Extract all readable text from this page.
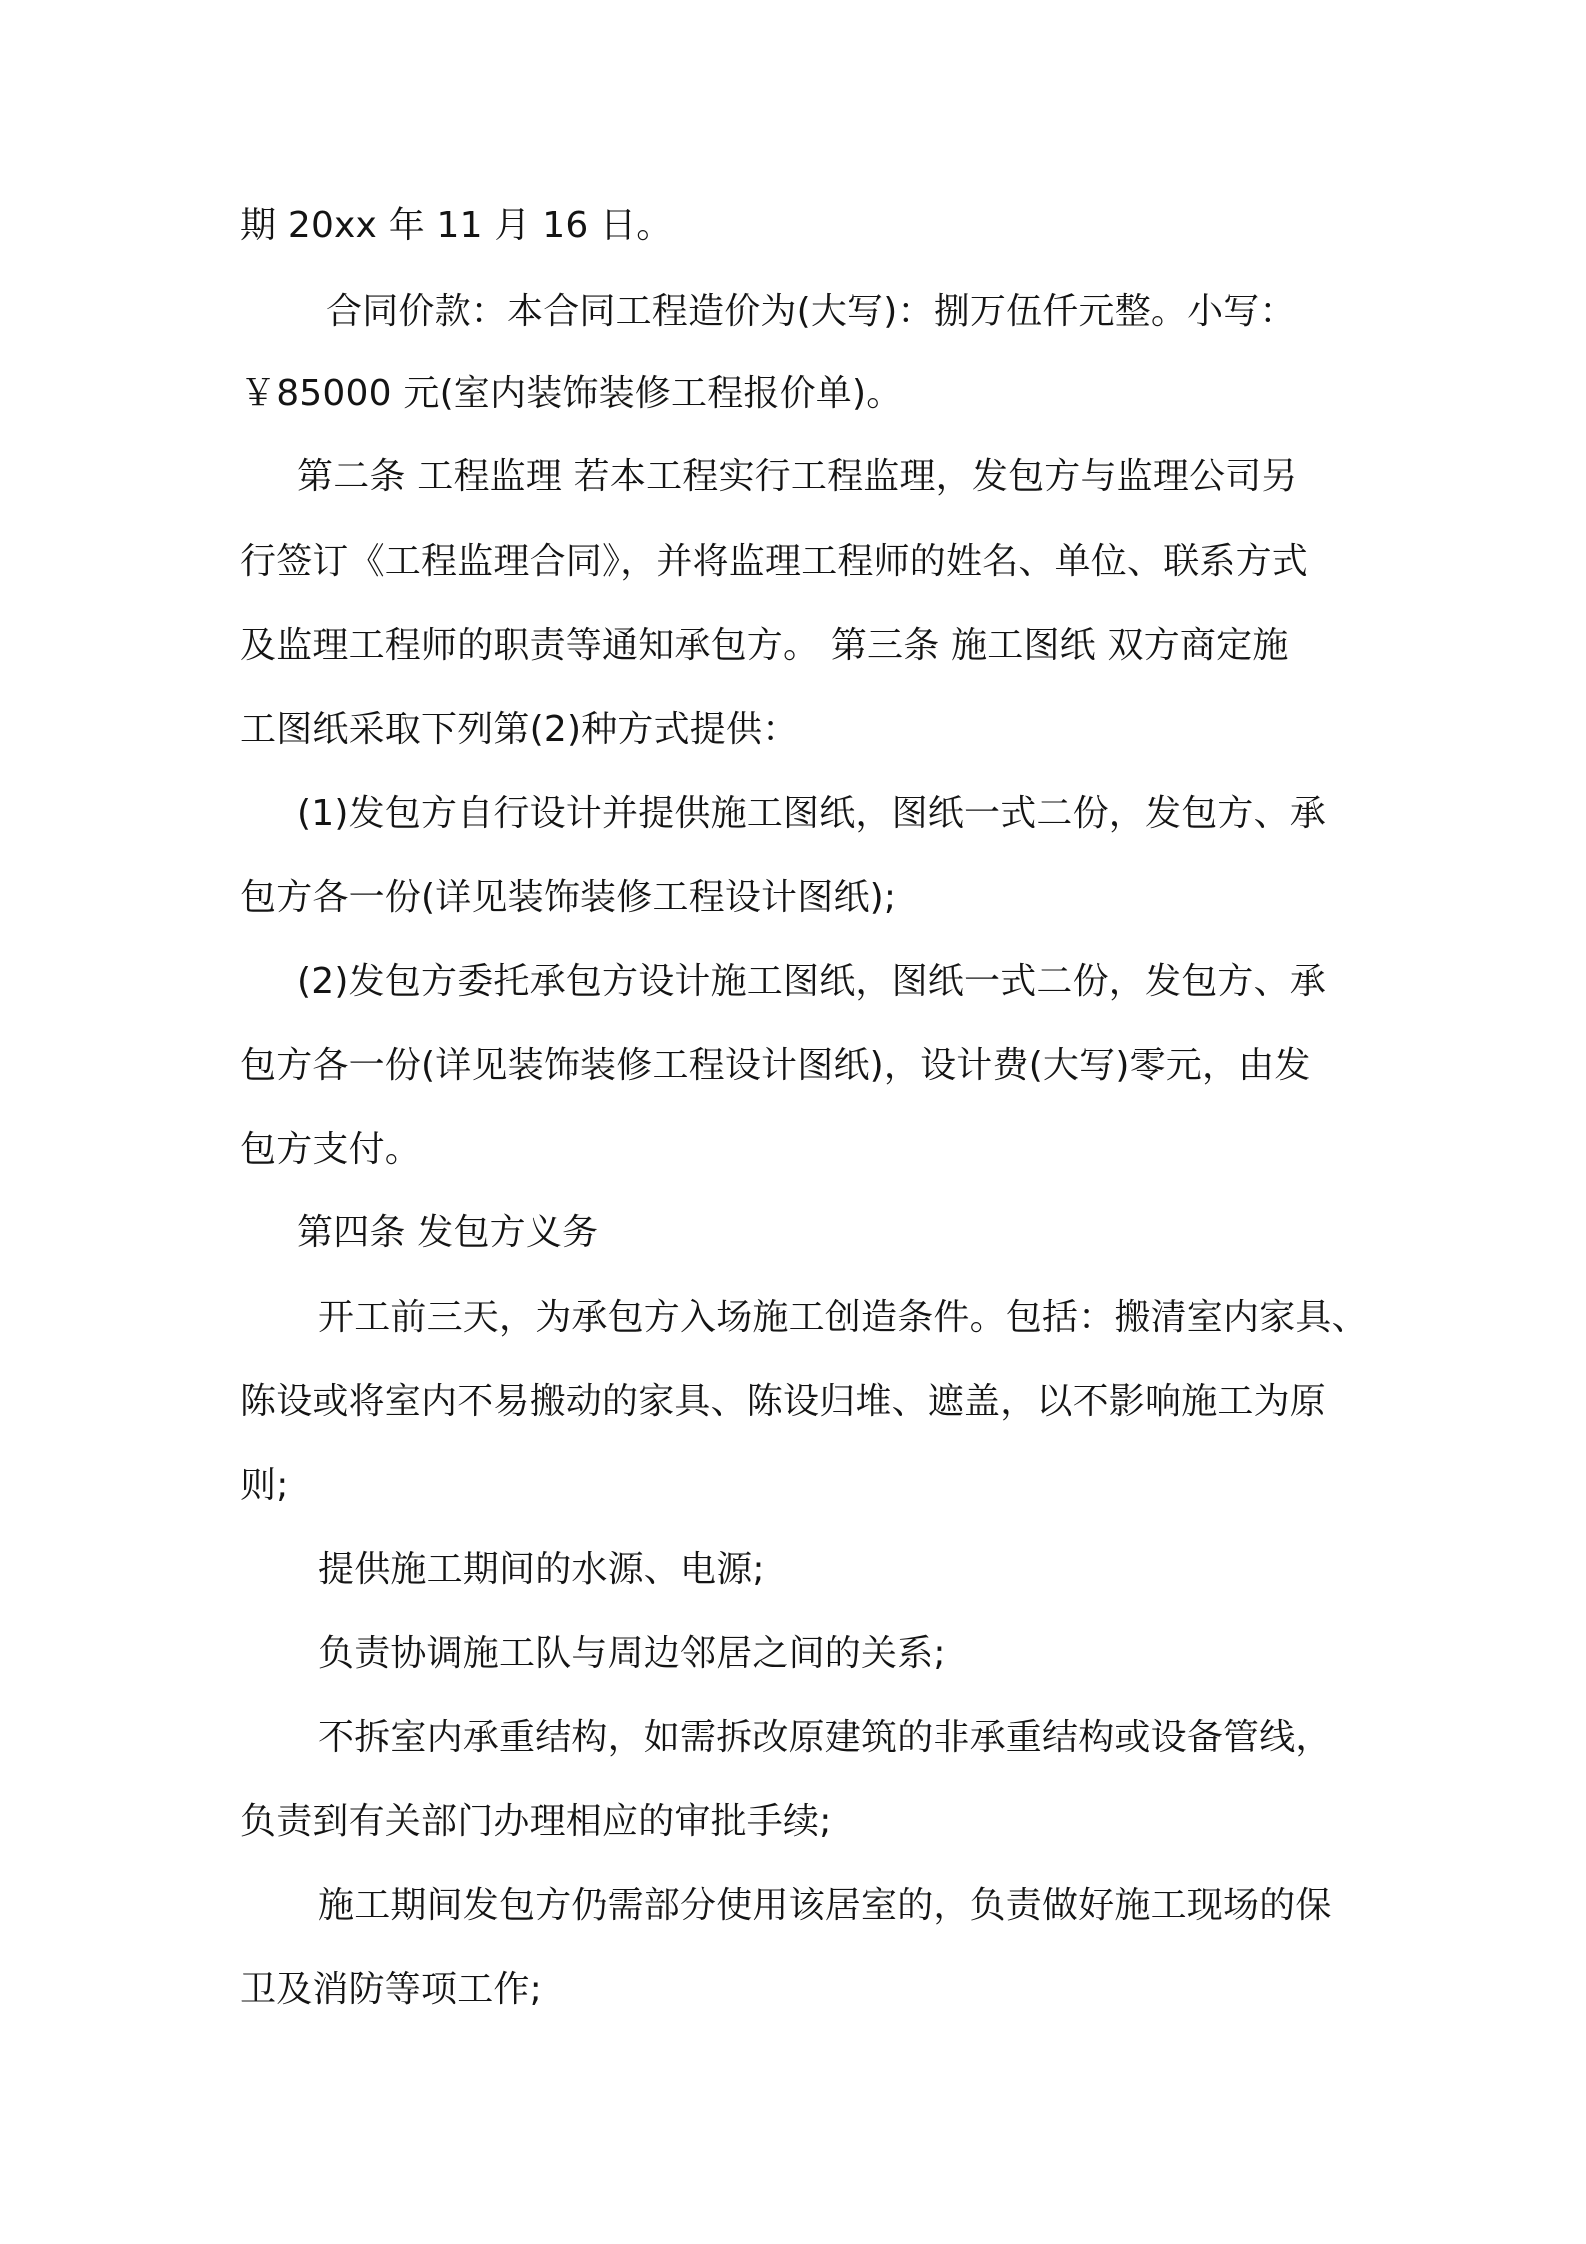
期 20xx 年 11 月 16 日。
合同价款：本合同工程造价为(大写)：捌万伍仟元整。小写：
￥85000 元(室内装饰装修工程报价单)。
第二条 工程监理 若本工程实行工程监理，发包方与监理公司另
行签订《工程监理合同》，并将监理工程师的姓名、单位、联系方式
及监理工程师的职责等通知承包方。 第三条 施工图纸 双方商定施
工图纸采取下列第(2)种方式提供：
(1)发包方自行设计并提供施工图纸，图纸一式二份，发包方、承
包方各一份(详见装饰装修工程设计图纸);
(2)发包方委托承包方设计施工图纸，图纸一式二份，发包方、承
包方各一份(详见装饰装修工程设计图纸)，设计费(大写)零元，由发
包方支付。
第四条 发包方义务
开工前三天，为承包方入场施工创造条件。包括：搬清室内家具、
陈设或将室内不易搬动的家具、陈设归堆、遮盖，以不影响施工为原
则;
提供施工期间的水源、电源;
负责协调施工队与周边邻居之间的关系;
不拆室内承重结构，如需拆改原建筑的非承重结构或设备管线，
负责到有关部门办理相应的审批手续;
施工期间发包方仍需部分使用该居室的，负责做好施工现场的保
卫及消防等项工作;
